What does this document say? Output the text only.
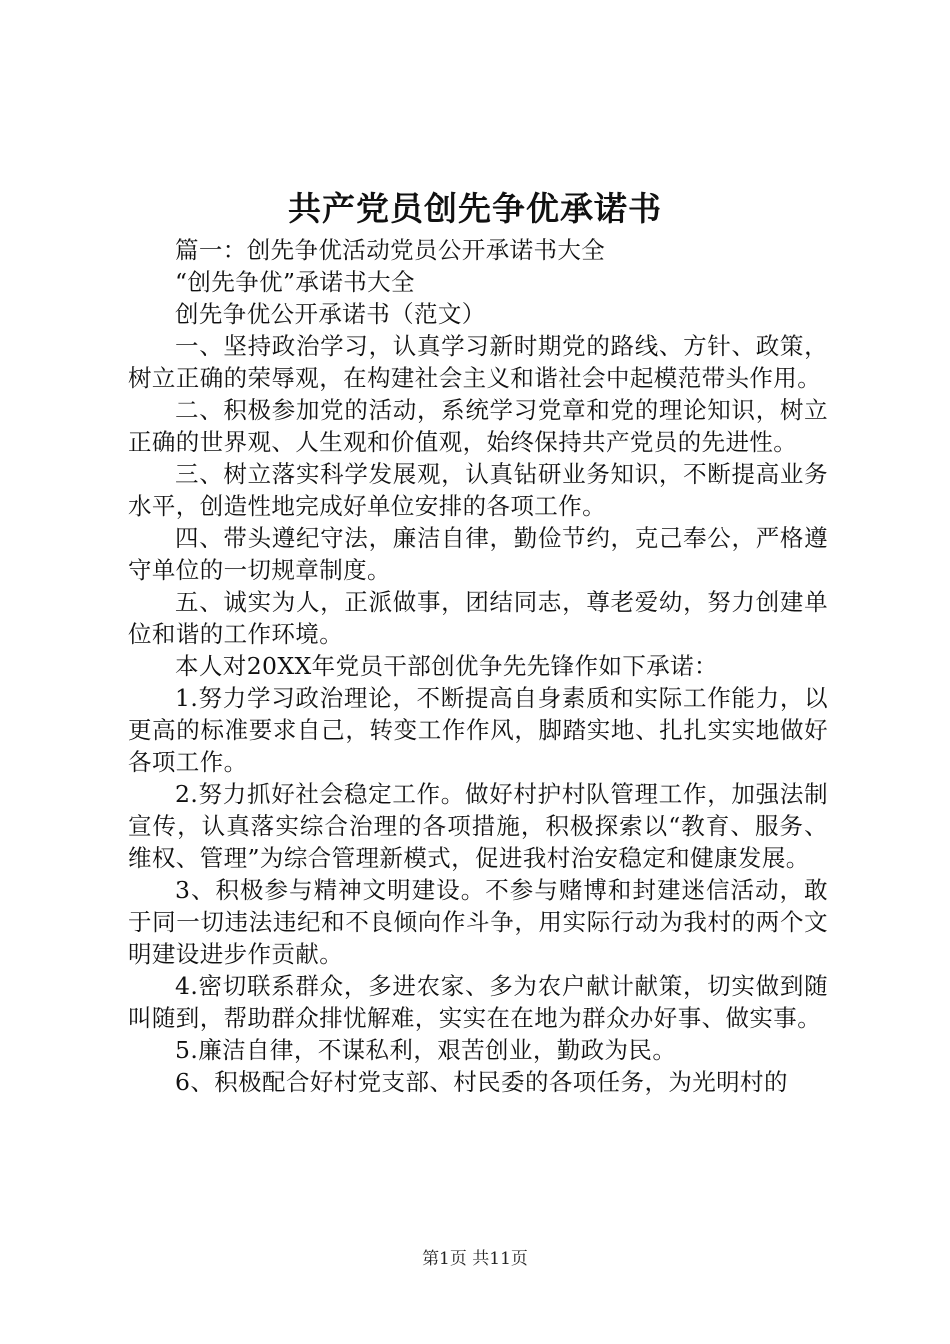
共产党员创先争优承诺书

篇一：创先争优活动党员公开承诺书大全

“创先争优”承诺书大全

创先争优公开承诺书（范文）

一、坚持政治学习，认真学习新时期党的路线、方针、政策，树立正确的荣辱观，在构建社会主义和谐社会中起模范带头作用。

二、积极参加党的活动，系统学习党章和党的理论知识，树立正确的世界观、人生观和价值观，始终保持共产党员的先进性。

三、树立落实科学发展观，认真钻研业务知识，不断提高业务水平，创造性地完成好单位安排的各项工作。

四、带头遵纪守法，廉洁自律，勤俭节约，克己奉公，严格遵守单位的一切规章制度。

五、诚实为人，正派做事，团结同志，尊老爱幼，努力创建单位和谐的工作环境。

本人对20XX年党员干部创优争先先锋作如下承诺：

1.努力学习政治理论，不断提高自身素质和实际工作能力，以更高的标准要求自己，转变工作作风，脚踏实地、扎扎实实地做好各项工作。

2.努力抓好社会稳定工作。做好村护村队管理工作，加强法制宣传，认真落实综合治理的各项措施，积极探索以“教育、服务、维权、管理”为综合管理新模式，促进我村治安稳定和健康发展。

3、积极参与精神文明建设。不参与赌博和封建迷信活动，敢于同一切违法违纪和不良倾向作斗争，用实际行动为我村的两个文明建设进步作贡献。

4.密切联系群众，多进农家、多为农户献计献策，切实做到随叫随到，帮助群众排忧解难，实实在在地为群众办好事、做实事。

5.廉洁自律，不谋私利，艰苦创业，勤政为民。

6、积极配合好村党支部、村民委的各项任务，为光明村的

第1页 共11页
